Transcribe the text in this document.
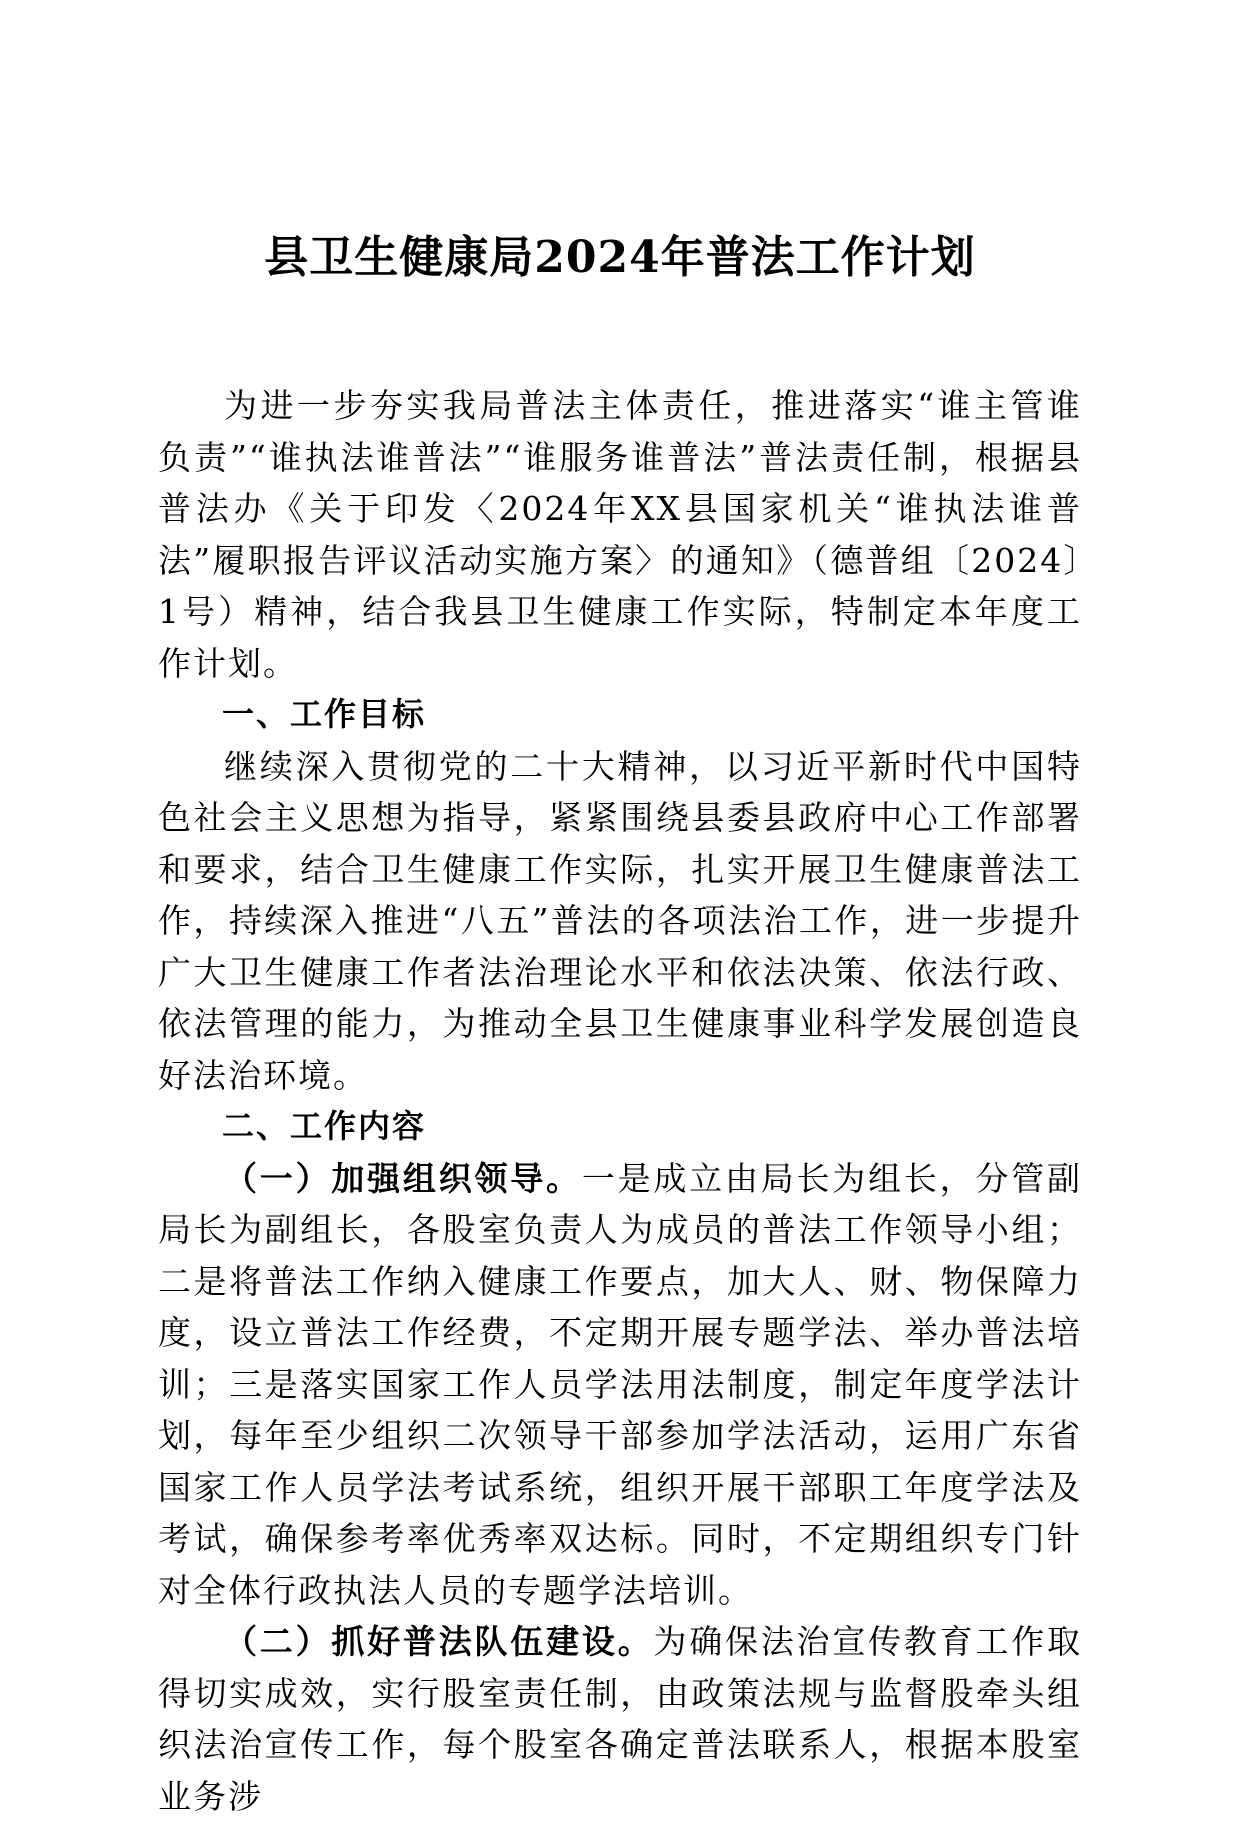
县卫生健康局2024年普法工作计划

为进一步夯实我局普法主体责任，推进落实“谁主管谁负责”“谁执法谁普法”“谁服务谁普法”普法责任制，根据县普法办《关于印发〈2024年XX县国家机关“谁执法谁普法”履职报告评议活动实施方案〉的通知》（德普组〔2024〕1号）精神，结合我县卫生健康工作实际，特制定本年度工作计划。

一、工作目标

继续深入贯彻党的二十大精神，以习近平新时代中国特色社会主义思想为指导，紧紧围绕县委县政府中心工作部署和要求，结合卫生健康工作实际，扎实开展卫生健康普法工作，持续深入推进“八五”普法的各项法治工作，进一步提升广大卫生健康工作者法治理论水平和依法决策、依法行政、依法管理的能力，为推动全县卫生健康事业科学发展创造良好法治环境。

二、工作内容

（一）加强组织领导。一是成立由局长为组长，分管副局长为副组长，各股室负责人为成员的普法工作领导小组；二是将普法工作纳入健康工作要点，加大人、财、物保障力度，设立普法工作经费，不定期开展专题学法、举办普法培训；三是落实国家工作人员学法用法制度，制定年度学法计划，每年至少组织二次领导干部参加学法活动，运用广东省国家工作人员学法考试系统，组织开展干部职工年度学法及考试，确保参考率优秀率双达标。同时，不定期组织专门针对全体行政执法人员的专题学法培训。

（二）抓好普法队伍建设。为确保法治宣传教育工作取得切实成效，实行股室责任制，由政策法规与监督股牵头组织法治宣传工作，每个股室各确定普法联系人，根据本股室业务涉
